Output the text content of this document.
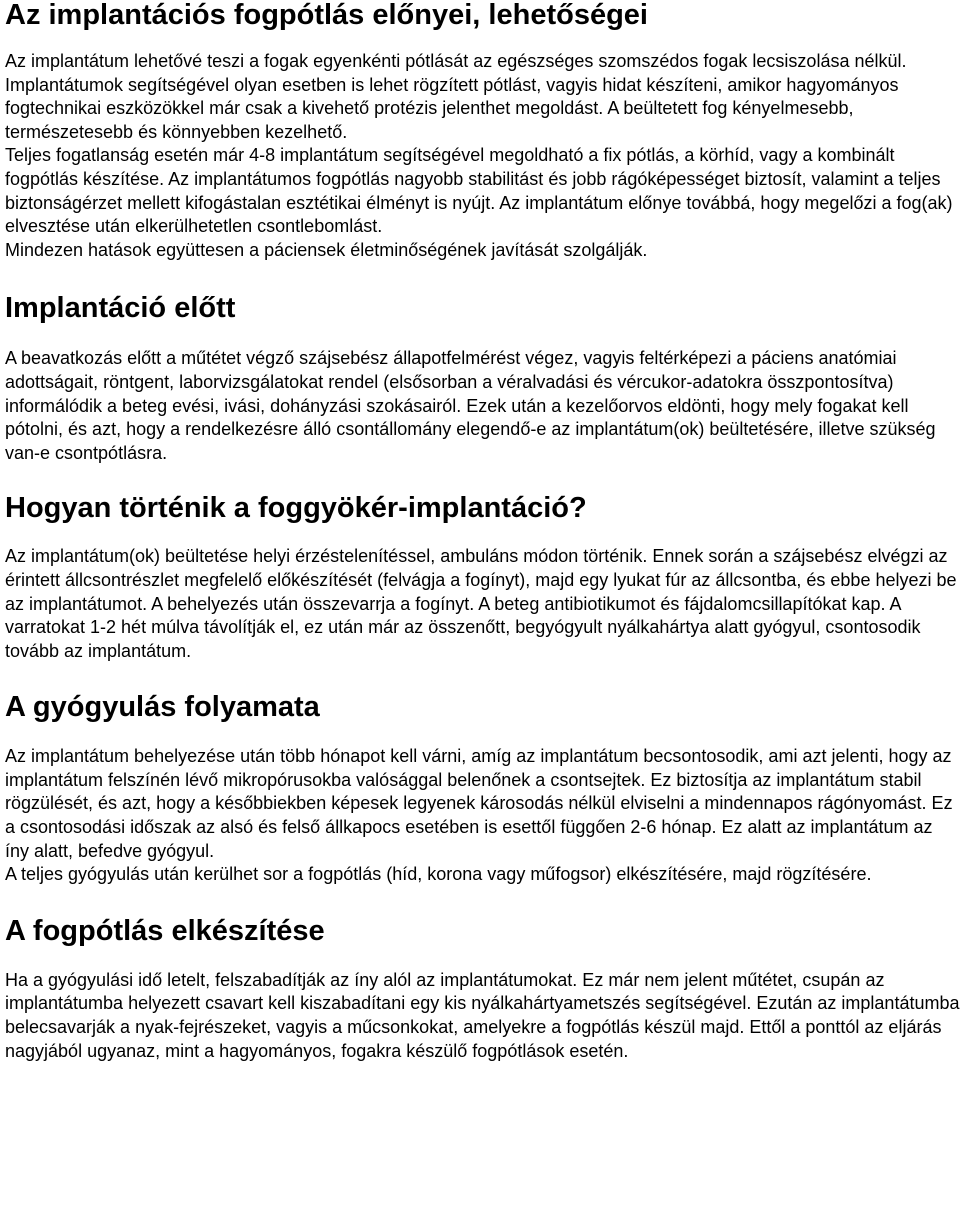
Az implantációs fogpótlás előnyei, lehetőségei

Az implantátum lehetővé teszi a fogak egyenkénti pótlását az egészséges szomszédos fogak lecsiszolása nélkül.

Implantátumok segítségével olyan esetben is lehet rögzített pótlást, vagyis hidat készíteni, amikor hagyományos fogtechnikai eszközökkel már csak a kivehető protézis jelenthet megoldást. A beültetett fog kényelmesebb, természetesebb és könnyebben kezelhető.

Teljes fogatlanság esetén már 4-8 implantátum segítségével megoldható a fix pótlás, a körhíd, vagy a kombinált fogpótlás készítése. Az implantátumos fogpótlás nagyobb stabilitást és jobb rágóképességet biztosít, valamint a teljes biztonságérzet mellett kifogástalan esztétikai élményt is nyújt. Az implantátum előnye továbbá, hogy megelőzi a fog(ak) elvesztése után elkerülhetetlen csontlebomlást.

Mindezen hatások együttesen a páciensek életminőségének javítását szolgálják.

Implantáció előtt

A beavatkozás előtt a műtétet végző szájsebész állapotfelmérést végez, vagyis feltérképezi a páciens anatómiai adottságait, röntgent, laborvizsgálatokat rendel (elsősorban a véralvadási és vércukor-adatokra összpontosítva) informálódik a beteg evési, ivási, dohányzási szokásairól. Ezek után a kezelőorvos eldönti, hogy mely fogakat kell pótolni, és azt, hogy a rendelkezésre álló csontállomány elegendő-e az implantátum(ok) beültetésére, illetve szükség van-e csontpótlásra.

Hogyan történik a foggyökér-implantáció?

Az implantátum(ok) beültetése helyi érzéstelenítéssel, ambuláns módon történik. Ennek során a szájsebész elvégzi az érintett állcsontrészlet megfelelő előkészítését (felvágja a fogínyt), majd egy lyukat fúr az állcsontba, és ebbe helyezi be az implantátumot. A behelyezés után összevarrja a fogínyt. A beteg antibiotikumot és fájdalomcsillapítókat kap. A varratokat 1-2 hét múlva távolítják el, ez után már az összenőtt, begyógyult nyálkahártya alatt gyógyul, csontosodik tovább az implantátum.

A gyógyulás folyamata

Az implantátum behelyezése után több hónapot kell várni, amíg az implantátum becsontosodik, ami azt jelenti, hogy az implantátum felszínén lévő mikropórusokba valósággal belenőnek a csontsejtek. Ez biztosítja az implantátum stabil rögzülését, és azt, hogy a későbbiekben képesek legyenek károsodás nélkül elviselni a mindennapos rágónyomást. Ez a csontosodási időszak az alsó és felső állkapocs esetében is esettől függően 2-6 hónap. Ez alatt az implantátum az íny alatt, befedve gyógyul.

A teljes gyógyulás után kerülhet sor a fogpótlás (híd, korona vagy műfogsor) elkészítésére, majd rögzítésére.

A fogpótlás elkészítése

Ha a gyógyulási idő letelt, felszabadítják az íny alól az implantátumokat. Ez már nem jelent műtétet, csupán az implantátumba helyezett csavart kell kiszabadítani egy kis nyálkahártyametszés segítségével. Ezután az implantátumba belecsavarják a nyak-fejrészeket, vagyis a műcsonkokat, amelyekre a fogpótlás készül majd. Ettől a ponttól az eljárás nagyjából ugyanaz, mint a hagyományos, fogakra készülő fogpótlások esetén.
